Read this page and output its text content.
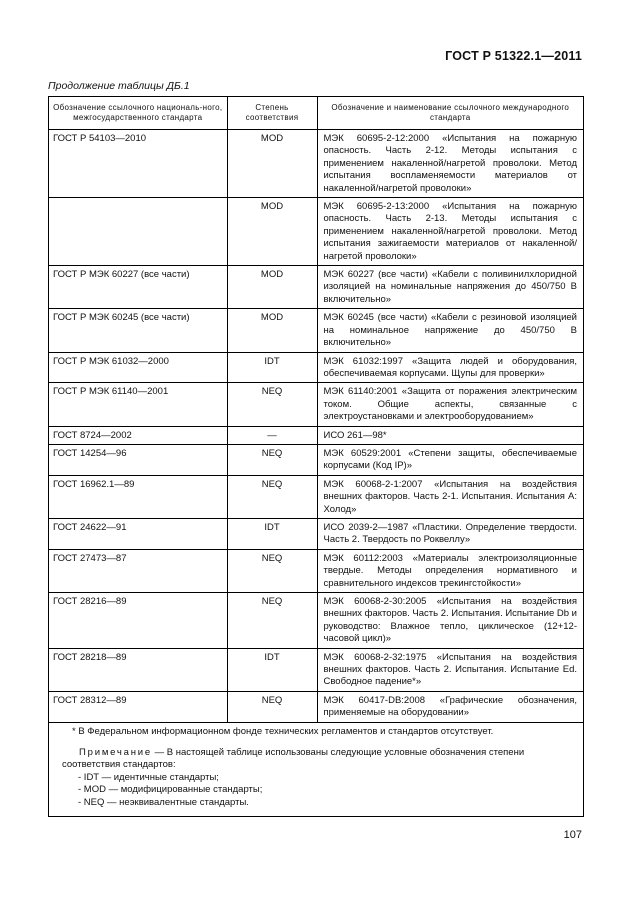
ГОСТ Р 51322.1—2011
Продолжение таблицы ДБ.1
Обозначение ссылочного националь-ного, межгосударственного стандарта	Степень соответствия	Обозначение и наименование ссылочного международного стандарта
ГОСТ Р 54103—2010	MOD	МЭК 60695-2-12:2000 «Испытания на пожарную опасность. Часть 2-12. Методы испытания с применением накаленной/нагретой проволоки. Метод испытания воспламеняемости материалов от накаленной/нагретой проволоки»
	MOD	МЭК 60695-2-13:2000 «Испытания на пожарную опасность. Часть 2-13. Методы испытания с применением накаленной/нагретой проволоки. Метод испытания зажигаемости материалов от накаленной/нагретой проволоки»
ГОСТ Р МЭК 60227 (все части)	MOD	МЭК 60227 (все части) «Кабели с поливинилхлоридной изоляцией на номинальные напряжения до 450/750 В включительно»
ГОСТ Р МЭК 60245 (все части)	MOD	МЭК 60245 (все части) «Кабели с резиновой изоляцией на номинальное напряжение до 450/750 В включительно»
ГОСТ Р МЭК 61032—2000	IDT	МЭК 61032:1997 «Защита людей и оборудования, обеспечиваемая корпусами. Щупы для проверки»
ГОСТ Р МЭК 61140—2001	NEQ	МЭК 61140:2001 «Защита от поражения электрическим током. Общие аспекты, связанные с электроустановками и электрооборудованием»
ГОСТ 8724—2002	—	ИСО 261—98*
ГОСТ 14254—96	NEQ	МЭК 60529:2001 «Степени защиты, обеспечиваемые корпусами (Код IP)»
ГОСТ 16962.1—89	NEQ	МЭК 60068-2-1:2007 «Испытания на воздействия внешних факторов. Часть 2-1. Испытания. Испытания А: Холод»
ГОСТ 24622—91	IDT	ИСО 2039-2—1987 «Пластики. Определение твердости. Часть 2. Твердость по Роквеллу»
ГОСТ 27473—87	NEQ	МЭК 60112:2003 «Материалы электроизоляционные твердые. Методы определения нормативного и сравнительного индексов трекингстойкости»
ГОСТ 28216—89	NEQ	МЭК 60068-2-30:2005 «Испытания на воздействия внешних факторов. Часть 2. Испытания. Испытание Db и руководство: Влажное тепло, циклическое (12+12-часовой цикл)»
ГОСТ 28218—89	IDT	МЭК 60068-2-32:1975 «Испытания на воздействия внешних факторов. Часть 2. Испытания. Испытание Ed. Свободное падение*»
ГОСТ 28312—89	NEQ	МЭК 60417-DB:2008 «Графические обозначения, применяемые на оборудовании»
* В Федеральном информационном фонде технических регламентов и стандартов отсутствует.
Примечание — В настоящей таблице использованы следующие условные обозначения степени соответствия стандартов:
- IDT — идентичные стандарты;
- MOD — модифицированные стандарты;
- NEQ — неэквивалентные стандарты.
107
